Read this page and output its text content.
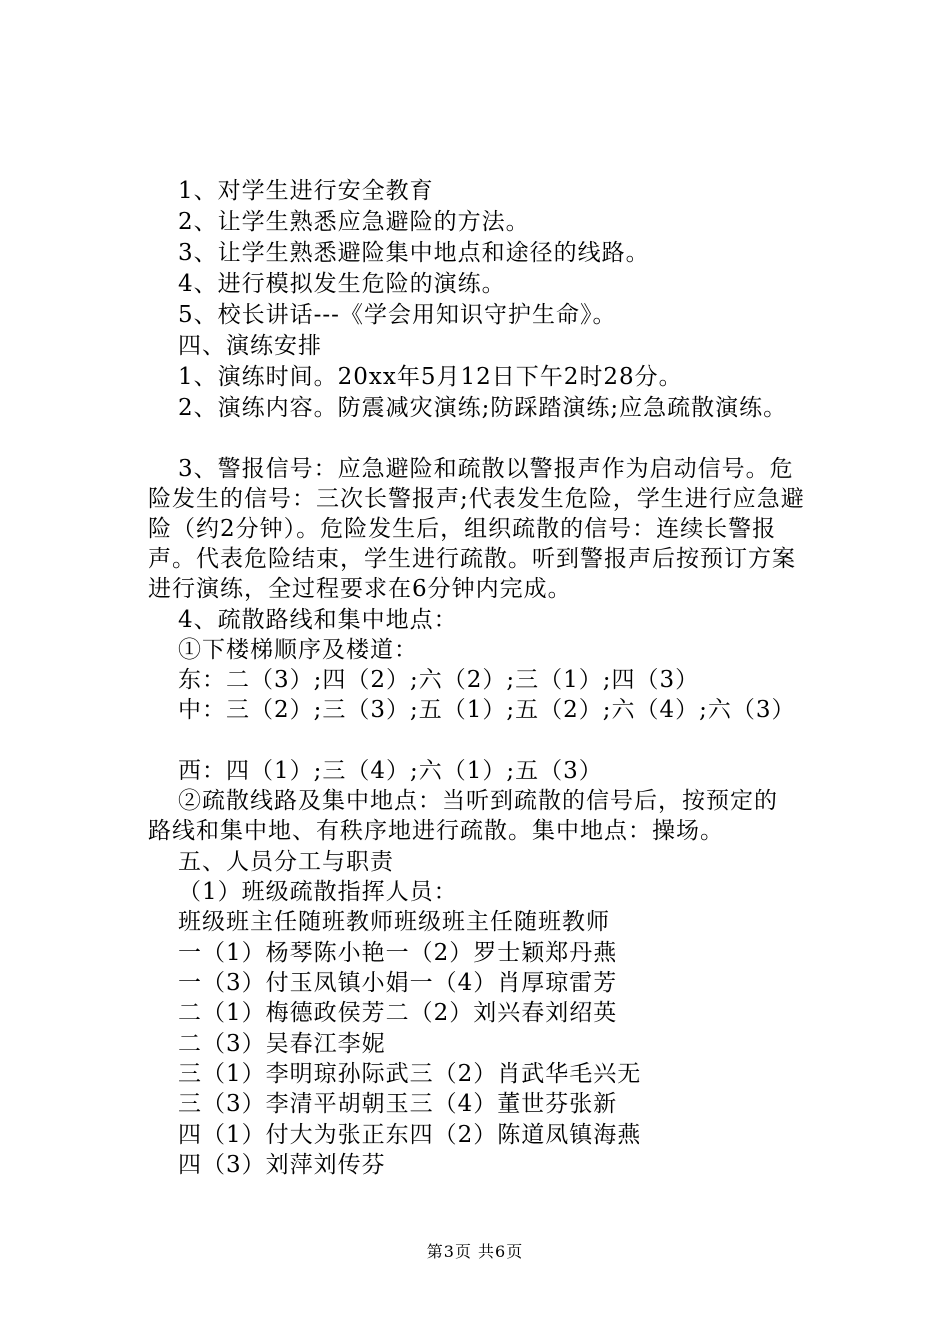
1、对学生进行安全教育
2、让学生熟悉应急避险的方法。
3、让学生熟悉避险集中地点和途径的线路。
4、进行模拟发生危险的演练。
5、校长讲话---《学会用知识守护生命》。
四、演练安排
1、演练时间。20xx年5月12日下午2时28分。
2、演练内容。防震减灾演练;防踩踏演练;应急疏散演练。
3、警报信号：应急避险和疏散以警报声作为启动信号。危
险发生的信号：三次长警报声;代表发生危险，学生进行应急避
险（约2分钟）。危险发生后，组织疏散的信号：连续长警报
声。代表危险结束，学生进行疏散。听到警报声后按预订方案
进行演练，全过程要求在6分钟内完成。
4、疏散路线和集中地点：
①下楼梯顺序及楼道：
东：二（3）;四（2）;六（2）;三（1）;四（3）
中：三（2）;三（3）;五（1）;五（2）;六（4）;六（3）
西：四（1）;三（4）;六（1）;五（3）
②疏散线路及集中地点：当听到疏散的信号后，按预定的
路线和集中地、有秩序地进行疏散。集中地点：操场。
五、人员分工与职责
（1）班级疏散指挥人员：
班级班主任随班教师班级班主任随班教师
一（1）杨琴陈小艳一（2）罗士颖郑丹燕
一（3）付玉凤镇小娟一（4）肖厚琼雷芳
二（1）梅德政侯芳二（2）刘兴春刘绍英
二（3）吴春江李妮
三（1）李明琼孙际武三（2）肖武华毛兴无
三（3）李清平胡朝玉三（4）董世芬张新
四（1）付大为张正东四（2）陈道凤镇海燕
四（3）刘萍刘传芬
第3页 共6页
